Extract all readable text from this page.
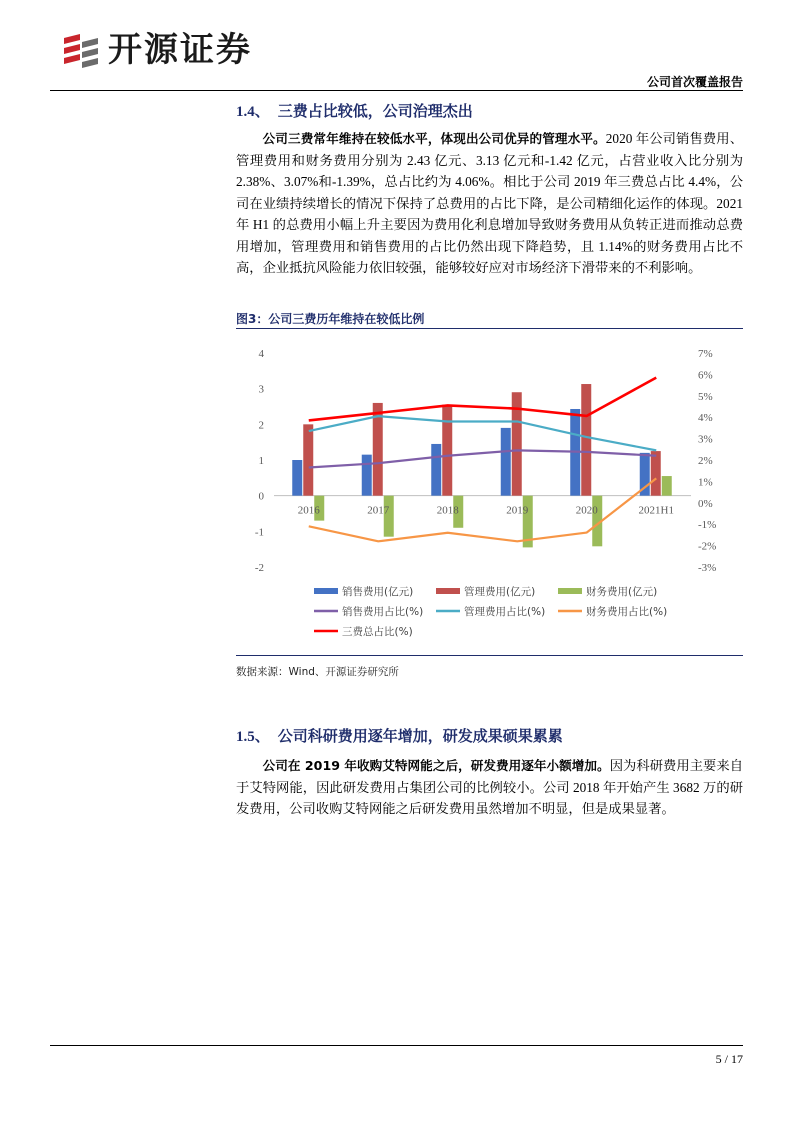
开源证券
公司首次覆盖报告
1.4、 三费占比较低，公司治理杰出
公司三费常年维持在较低水平，体现出公司优异的管理水平。2020 年公司销售费用、管理费用和财务费用分别为 2.43 亿元、3.13 亿元和-1.42 亿元，占营业收入比分别为 2.38%、3.07%和-1.39%，总占比约为 4.06%。相比于公司 2019 年三费总占比 4.4%，公司在业绩持续增长的情况下保持了总费用的占比下降，是公司精细化运作的体现。2021 年 H1 的总费用小幅上升主要因为费用化利息增加导致财务费用从负转正进而推动总费用增加，管理费用和销售费用的占比仍然出现下降趋势，且 1.14%的财务费用占比不高，企业抵抗风险能力依旧较强，能够较好应对市场经济下滑带来的不利影响。
图3：公司三费历年维持在较低比例
4
3
2
1
0
-1
-2
7%
6%
5%
4%
3%
2%
1%
0%
-1%
-2%
-3%
2016	2017	2018	2019	2020	2021H1
销售费用(亿元)	管理费用(亿元)	财务费用(亿元)
销售费用占比(%)	管理费用占比(%)	财务费用占比(%)
三费总占比(%)
数据来源：Wind、开源证券研究所
1.5、 公司科研费用逐年增加，研发成果硕果累累
公司在 2019 年收购艾特网能之后，研发费用逐年小额增加。因为科研费用主要来自于艾特网能，因此研发费用占集团公司的比例较小。公司 2018 年开始产生 3682 万的研发费用，公司收购艾特网能之后研发费用虽然增加不明显，但是成果显著。
5 / 17
